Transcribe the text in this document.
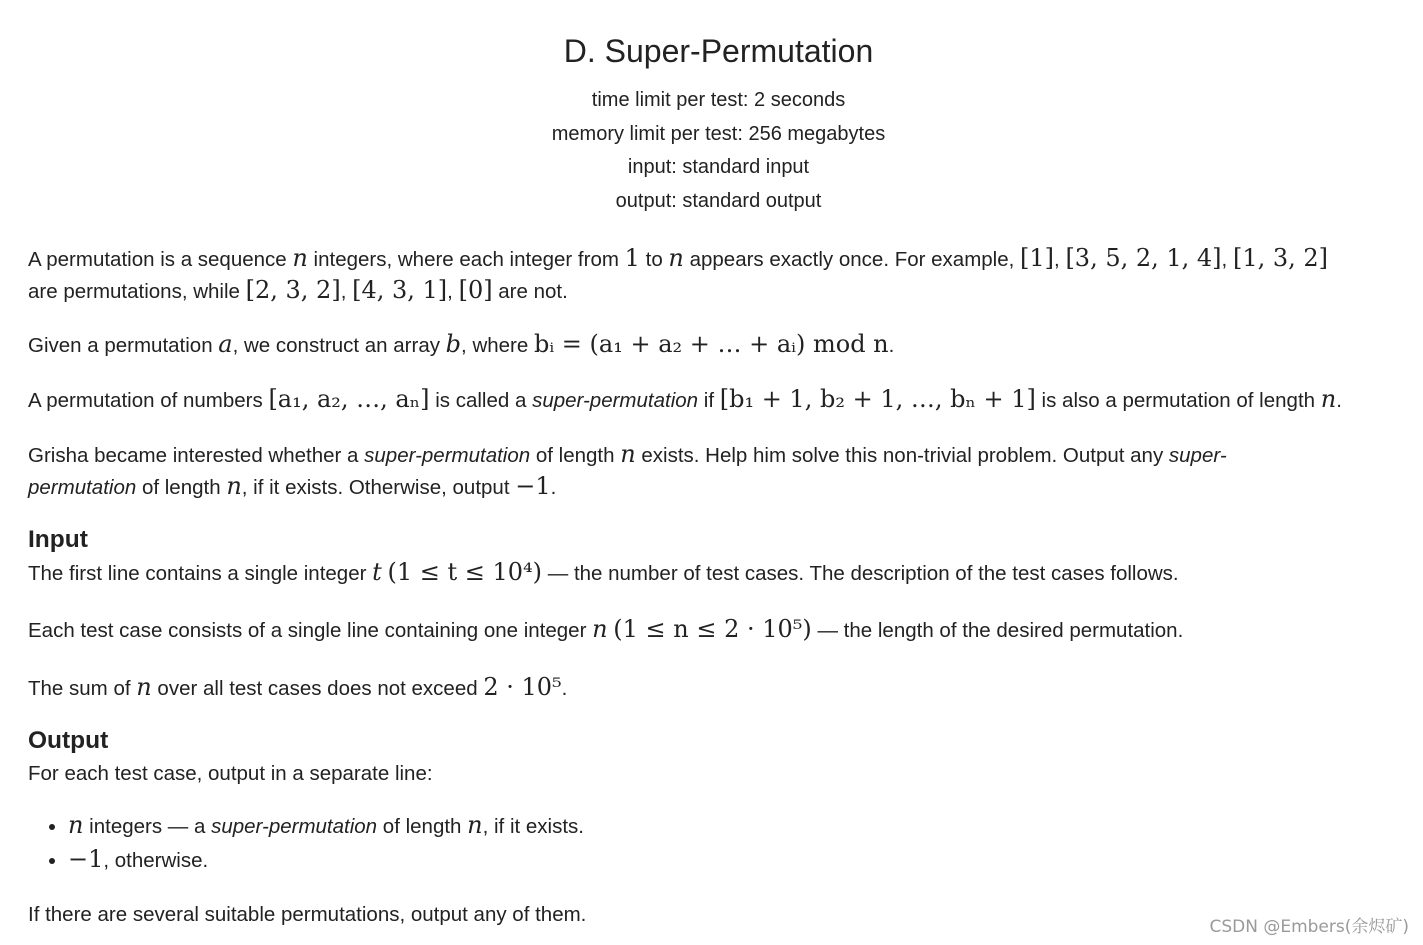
D. Super-Permutation
time limit per test: 2 seconds
memory limit per test: 256 megabytes
input: standard input
output: standard output

A permutation is a sequence n integers, where each integer from 1 to n appears exactly once. For example, [1], [3, 5, 2, 1, 4], [1, 3, 2]

are permutations, while [2, 3, 2], [4, 3, 1], [0] are not.

Given a permutation a, we construct an array b, where bᵢ = (a₁ + a₂ + … + aᵢ) mod n.

A permutation of numbers [a₁, a₂, …, aₙ] is called a super-permutation if [b₁ + 1, b₂ + 1, …, bₙ + 1] is also a permutation of length n.

Grisha became interested whether a super-permutation of length n exists. Help him solve this non-trivial problem. Output any super-

permutation of length n, if it exists. Otherwise, output −1.

Input

The first line contains a single integer t (1 ≤ t ≤ 10⁴) — the number of test cases. The description of the test cases follows.

Each test case consists of a single line containing one integer n (1 ≤ n ≤ 2 · 10⁵) — the length of the desired permutation.

The sum of n over all test cases does not exceed 2 · 10⁵.

Output

For each test case, output in a separate line:

• n integers — a super-permutation of length n, if it exists.
• −1, otherwise.

If there are several suitable permutations, output any of them.

CSDN @Embers(余烬矿)
